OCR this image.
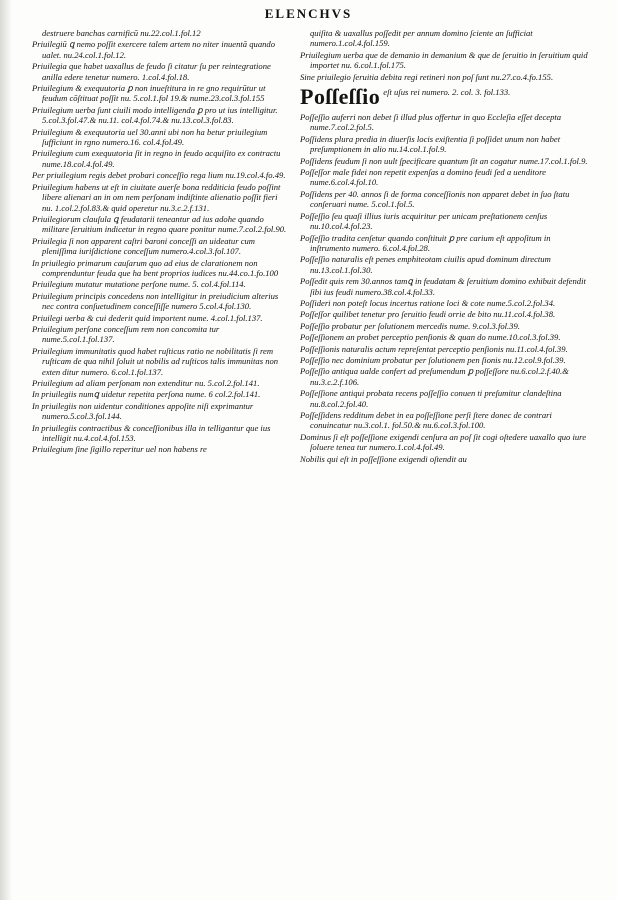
ELENCHVS
destruere banchas carnificū nu.22.col.1.fol.12
Priuilegiū ꝗ nemo poſſit exercere talem artem no niter inuentā quando ualet. nu.24.col.1.fol.12.
Priuilegia que habet uaxallus de feudo ſi citatur ſu per reintegratione anilla edere tenetur numero. 1.col.4.fol.18.
Priuilegium & exequutoria ꝑ non inueſtitura in re gno requirūtur ut feudum cōſtituat poſſit nu. 5.col.1.fol 19.& nume.23.col.3.fol.155
Priuilegium uerba ſunt ciuili modo intelligenda ꝑ pro ut ius intelligitur. 5.col.3.fol.47.& nu.11. col.4.fol.74.& nu.13.col.3.fol.83.
Priuilegium & exequutoria uel 30.anni ubi non ha betur priuilegium ſufficiunt in rgno numero.16. col.4.fol.49.
Priuilegium cum exequutoria ſit in regno in feudo acquiſito ex contractu nume.18.col.4.fol.49.
Per priuilegium regis debet probari conceſſio rega lium nu.19.col.4.fo.49.
Priuilegium habens ut eſt in ciuitate auerſe bona redditicia feudo poſſint libere alienari an in om nem perſonam indiſtinte alienatio poſſit fieri nu. 1.col.2.fol.83.& quid operetur nu.3.c.2.f.131.
Priuilegiorum clauſula ꝗ feudatarii teneantur ad ius adohe quando militare ſeruitium indicetur in regno quare ponitur nume.7.col.2.fol.90.
Priuilegia ſi non apparent caſtri baroni conceſſi an uideatur cum pleniſſima iuriſdictione conceſſum numero.4.col.3.fol.107.
In priuilegio primarum cauſarum quo ad eius de clarationem non comprenduntur feuda que ha bent proprios iudices nu.44.co.1.fo.100
Priuilegium mutatur mutatione perſone nume. 5. col.4.fol.114.
Priuilegium principis concedens non intelligitur in preiudicium alterius nec contra conſuetudinem conceſſiſſe numero 5.col.4.fol.130.
Priuilegi uerba & cui dederit quid importent nume. 4.col.1.fol.137.
Priuilegium perſone conceſſum rem non concomita tur nume.5.col.1.fol.137.
Priuilegium immunitatis quod habet ruſticus ratio ne nobilitatis ſi rem ruſticam de qua nihil ſoluit ut nobilis ad ruſticos talis immunitas non exten ditur numero. 6.col.1.fol.137.
Priuilegium ad aliam perſonam non extenditur nu. 5.col.2.fol.141.
In priuilegiis numꝗ uidetur repetita perſona nume. 6 col.2.fol.141.
In priuilegiis non uidentur conditiones appoſite niſi exprimantur numero.5.col.3.fol.144.
In priuilegiis contractibus & conceſſionibus illa in telligantur que ius intelligit nu.4.col.4.fol.153.
Priuilegium ſine ſigillo reperitur uel non habens re
quiſita & uaxallus poſſedit per annum domino ſciente an ſufficiat numero.1.col.4.fol.159.
Priuilegium uerba que de demanio in demanium & que de ſeruitio in ſeruitium quid importet nu. 6.col.1.fol.175.
Sine priuilegio ſeruitia debita regi retineri non poſ ſunt nu.27.co.4.fo.155.
Poſſeſſio eſt uſus rei numero. 2. col. 3. fol.133.
Poſſeſſio auferri non debet ſi illud plus offertur in quo Eccleſia eſſet decepta nume.7.col.2.fol.5.
Poſſidens plura predia in diuerſis locis exiſtentia ſi poſſidet unum non habet preſumptionem in alio nu.14.col.1.fol.9.
Poſſidens feudum ſi non uult ſpecificare quantum ſit an cogatur nume.17.col.1.fol.9.
Poſſeſſor male fidei non repetit expenſas a domino feudi ſed a uenditore nume.6.col.4.fol.10.
Poſſidens per 40. annos ſi de forma conceſſionis non apparet debet in ſuo ſtatu conſeruari nume. 5.col.1.fol.5.
Poſſeſſio ſeu quaſi illius iuris acquiritur per unicam preſtationem cenſus nu.10.col.4.fol.23.
Poſſeſſio tradita cenſetur quando conſtituit ꝑ pre carium eſt appoſitum in inſtrumento numero. 6.col.4.fol.28.
Poſſeſſio naturalis eſt penes emphiteotam ciuilis apud dominum directum nu.13.col.1.fol.30.
Poſſedit quis rem 30.annos tamꝗ in feudatam & ſeruitium domino exhibuit defendit ſibi ius feudi numero.38.col.4.fol.33.
Poſſideri non poteſt locus incertus ratione loci & cote nume.5.col.2.fol.34.
Poſſeſſor quilibet tenetur pro ſeruitio feudi orrie de bito nu.11.col.4.fol.38.
Poſſeſſio probatur per ſolutionem mercedis nume. 9.col.3.fol.39.
Poſſeſſionem an probet perceptio penſionis & quan do nume.10.col.3.fol.39.
Poſſeſſionis naturalis actum repreſentat perceptio penſionis nu.11.col.4.fol.39.
Poſſeſſio nec dominium probatur per ſolutionem pen ſionis nu.12.col.9.fol.39.
Poſſeſſio antiqua ualde confert ad preſumendum ꝑ poſſeſſore nu.6.col.2.f.40.& nu.3.c.2.f.106.
Poſſeſſione antiqui probata recens poſſeſſio conuen ti preſumitur clandeſtina nu.8.col.2.fol.40.
Poſſeſſidens redditum debet in ea poſſeſſione perſi ſtere donec de contrari conuincatur nu.3.col.1. fol.50.& nu.6.col.3.fol.100.
Dominus ſi eſt poſſeſſione exigendi cenſura an poſ ſit cogi oſtedere uaxallo quo iure ſoluere tenea tur numero.1.col.4.fol.49.
Nobilis qui eſt in poſſeſſione exigendi oſtendit au
